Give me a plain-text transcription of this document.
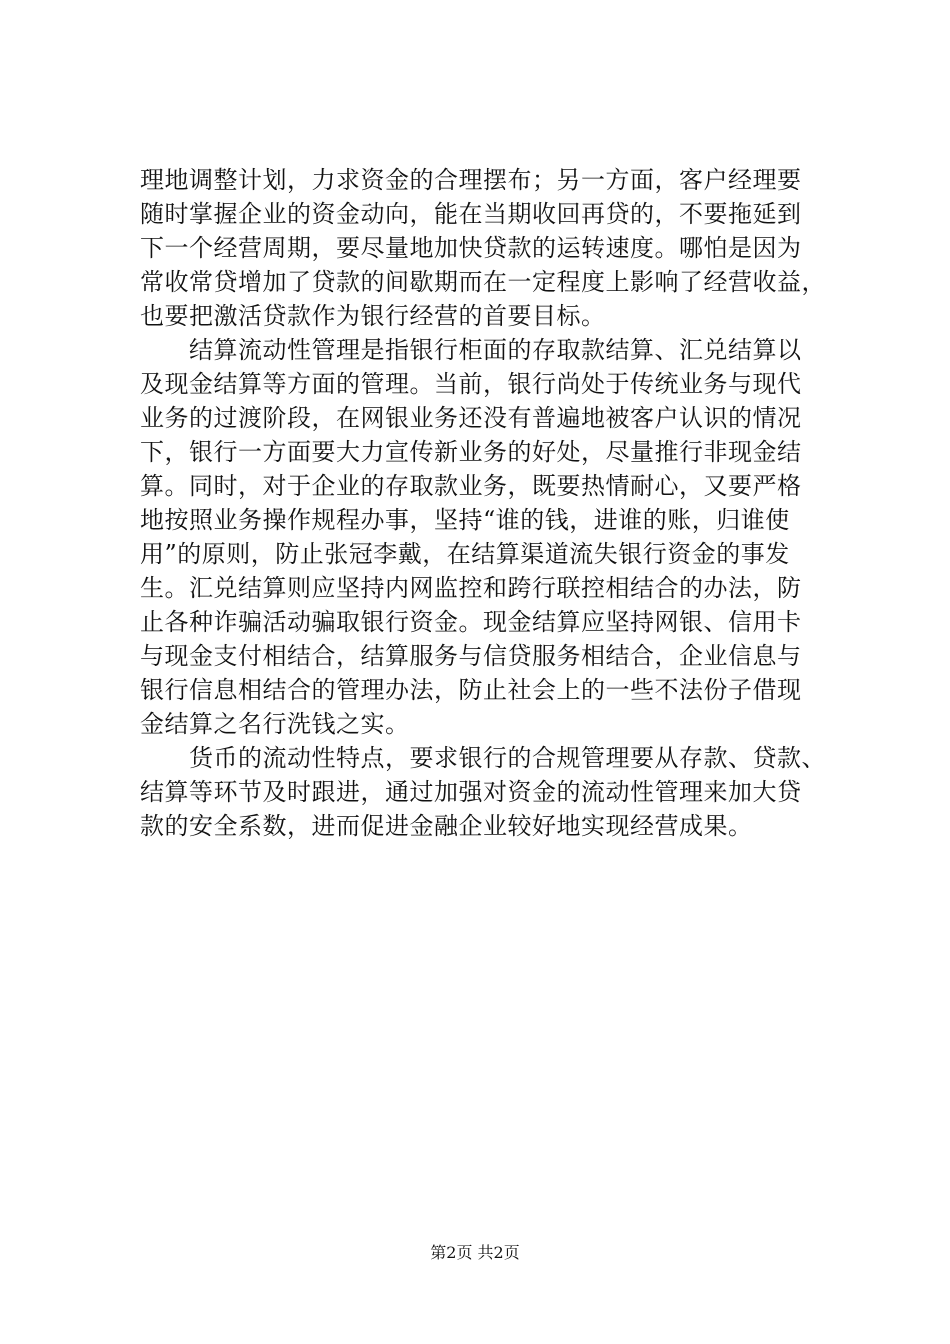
理地调整计划，力求资金的合理摆布；另一方面，客户经理要
随时掌握企业的资金动向，能在当期收回再贷的，不要拖延到
下一个经营周期，要尽量地加快贷款的运转速度。哪怕是因为
常收常贷增加了贷款的间歇期而在一定程度上影响了经营收益，
也要把激活贷款作为银行经营的首要目标。
　　结算流动性管理是指银行柜面的存取款结算、汇兑结算以
及现金结算等方面的管理。当前，银行尚处于传统业务与现代
业务的过渡阶段，在网银业务还没有普遍地被客户认识的情况
下，银行一方面要大力宣传新业务的好处，尽量推行非现金结
算。同时，对于企业的存取款业务，既要热情耐心，又要严格
地按照业务操作规程办事，坚持“谁的钱，进谁的账，归谁使
用”的原则，防止张冠李戴，在结算渠道流失银行资金的事发
生。汇兑结算则应坚持内网监控和跨行联控相结合的办法，防
止各种诈骗活动骗取银行资金。现金结算应坚持网银、信用卡
与现金支付相结合，结算服务与信贷服务相结合，企业信息与
银行信息相结合的管理办法，防止社会上的一些不法份子借现
金结算之名行洗钱之实。
　　货币的流动性特点，要求银行的合规管理要从存款、贷款、
结算等环节及时跟进，通过加强对资金的流动性管理来加大贷
款的安全系数，进而促进金融企业较好地实现经营成果。
第2页 共2页
